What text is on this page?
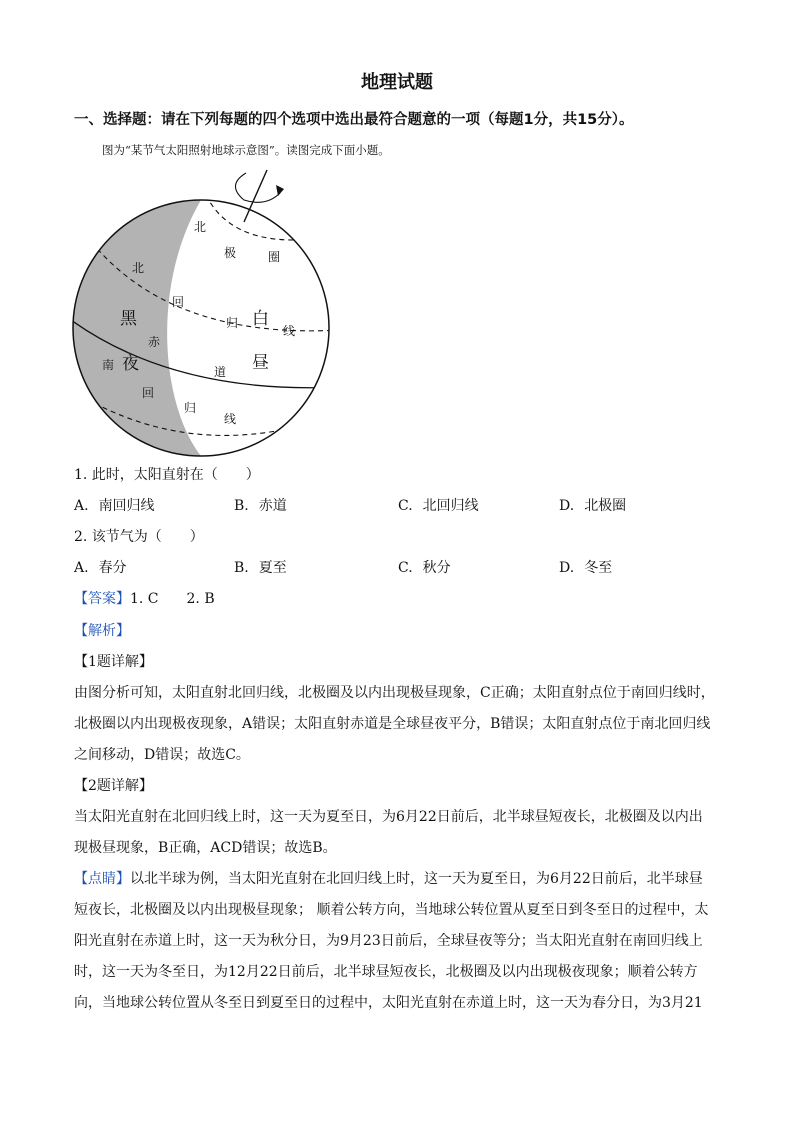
地理试题
一、选择题：请在下列每题的四个选项中选出最符合题意的一项（每题1分，共15分）。
图为“某节气太阳照射地球示意图”。读图完成下面小题。
北
极	圈
北
回
归
线
赤
道
南
回
归
线
黑
夜
白
昼
1. 此时，太阳直射在（　　）
A. 南回归线	B. 赤道	C. 北回归线	D. 北极圈
2. 该节气为（　　）
A. 春分	B. 夏至	C. 秋分	D. 冬至
【答案】1. C　　2. B
【解析】
【1题详解】
由图分析可知，太阳直射北回归线，北极圈及以内出现极昼现象，C正确；太阳直射点位于南回归线时，
北极圈以内出现极夜现象，A错误；太阳直射赤道是全球昼夜平分，B错误；太阳直射点位于南北回归线
之间移动，D错误；故选C。
【2题详解】
当太阳光直射在北回归线上时，这一天为夏至日，为6月22日前后，北半球昼短夜长，北极圈及以内出
现极昼现象，B正确，ACD错误；故选B。
【点睛】以北半球为例，当太阳光直射在北回归线上时，这一天为夏至日，为6月22日前后，北半球昼
短夜长，北极圈及以内出现极昼现象； 顺着公转方向，当地球公转位置从夏至日到冬至日的过程中，太
阳光直射在赤道上时，这一天为秋分日，为9月23日前后，全球昼夜等分；当太阳光直射在南回归线上
时，这一天为冬至日，为12月22日前后，北半球昼短夜长，北极圈及以内出现极夜现象；顺着公转方
向，当地球公转位置从冬至日到夏至日的过程中，太阳光直射在赤道上时，这一天为春分日，为3月21
